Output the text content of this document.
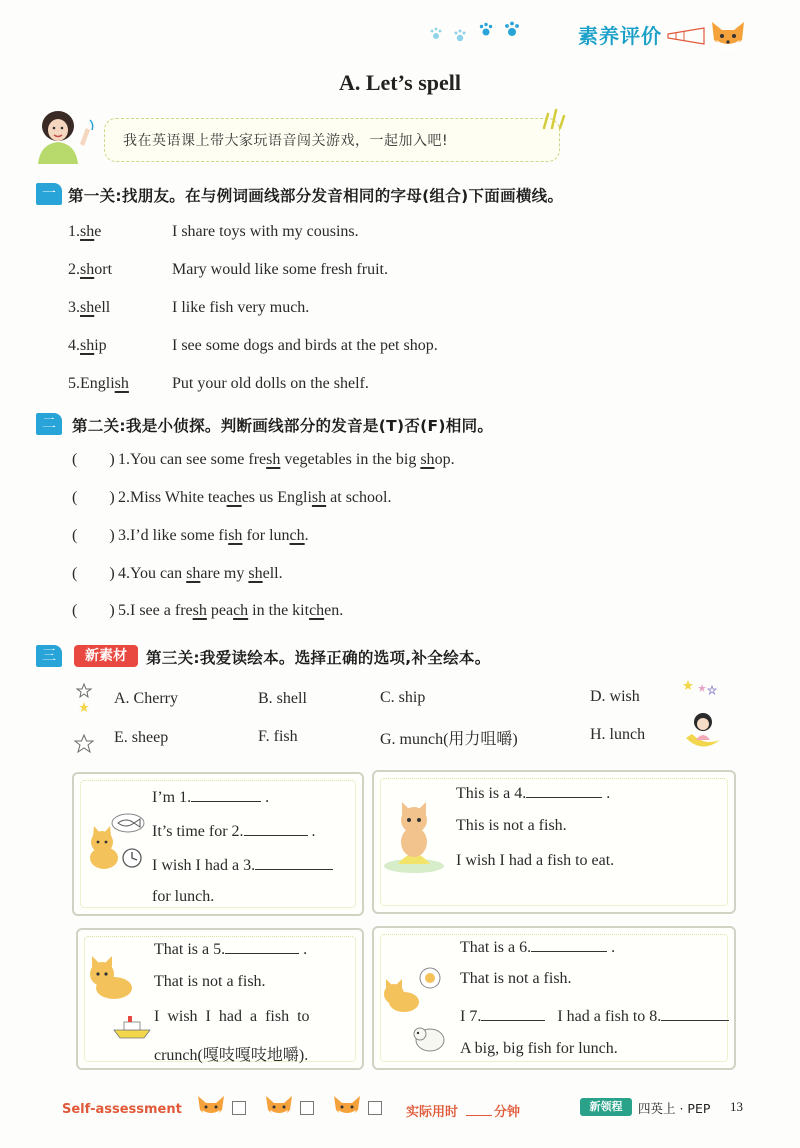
素养评价
A. Let’s spell
我在英语课上带大家玩语音闯关游戏，一起加入吧!
一 第一关:找朋友。在与例词画线部分发音相同的字母(组合)下面画横线。
1.she	I share toys with my cousins.
2.short	Mary would like some fresh fruit.
3.shell	I like fish very much.
4.ship	I see some dogs and birds at the pet shop.
5.English	Put your old dolls on the shelf.
二	第二关:我是小侦探。判断画线部分的发音是(T)否(F)相同。
(        ) 1.You can see some fresh vegetables in the big shop.
(        ) 2.Miss White teaches us English at school.
(        ) 3.I’d like some fish for lunch.
(        ) 4.You can share my shell.
(        ) 5.I see a fresh peach in the kitchen.
三	新素材	第三关:我爱读绘本。选择正确的选项,补全绘本。
A. Cherry	B. shell	C. ship	D. wish
E. sheep	F. fish	G. munch(用力咀嚼)	H. lunch
I’m 1.	.
It’s time for 2.	.
I wish I had a 3.
for lunch.
This is a 4.	.
This is not a fish.
I wish I had a fish to eat.
That is a 5.	.
That is not a fish.
I  wish  I  had  a  fish  to
crunch(嘎吱嘎吱地嚼).
That is a 6.	.
That is not a fish.
I 7.	I had a fish to 8.
A big, big fish for lunch.
Self-assessment	实际用时	分钟	新领程	四英上 · PEP 13
